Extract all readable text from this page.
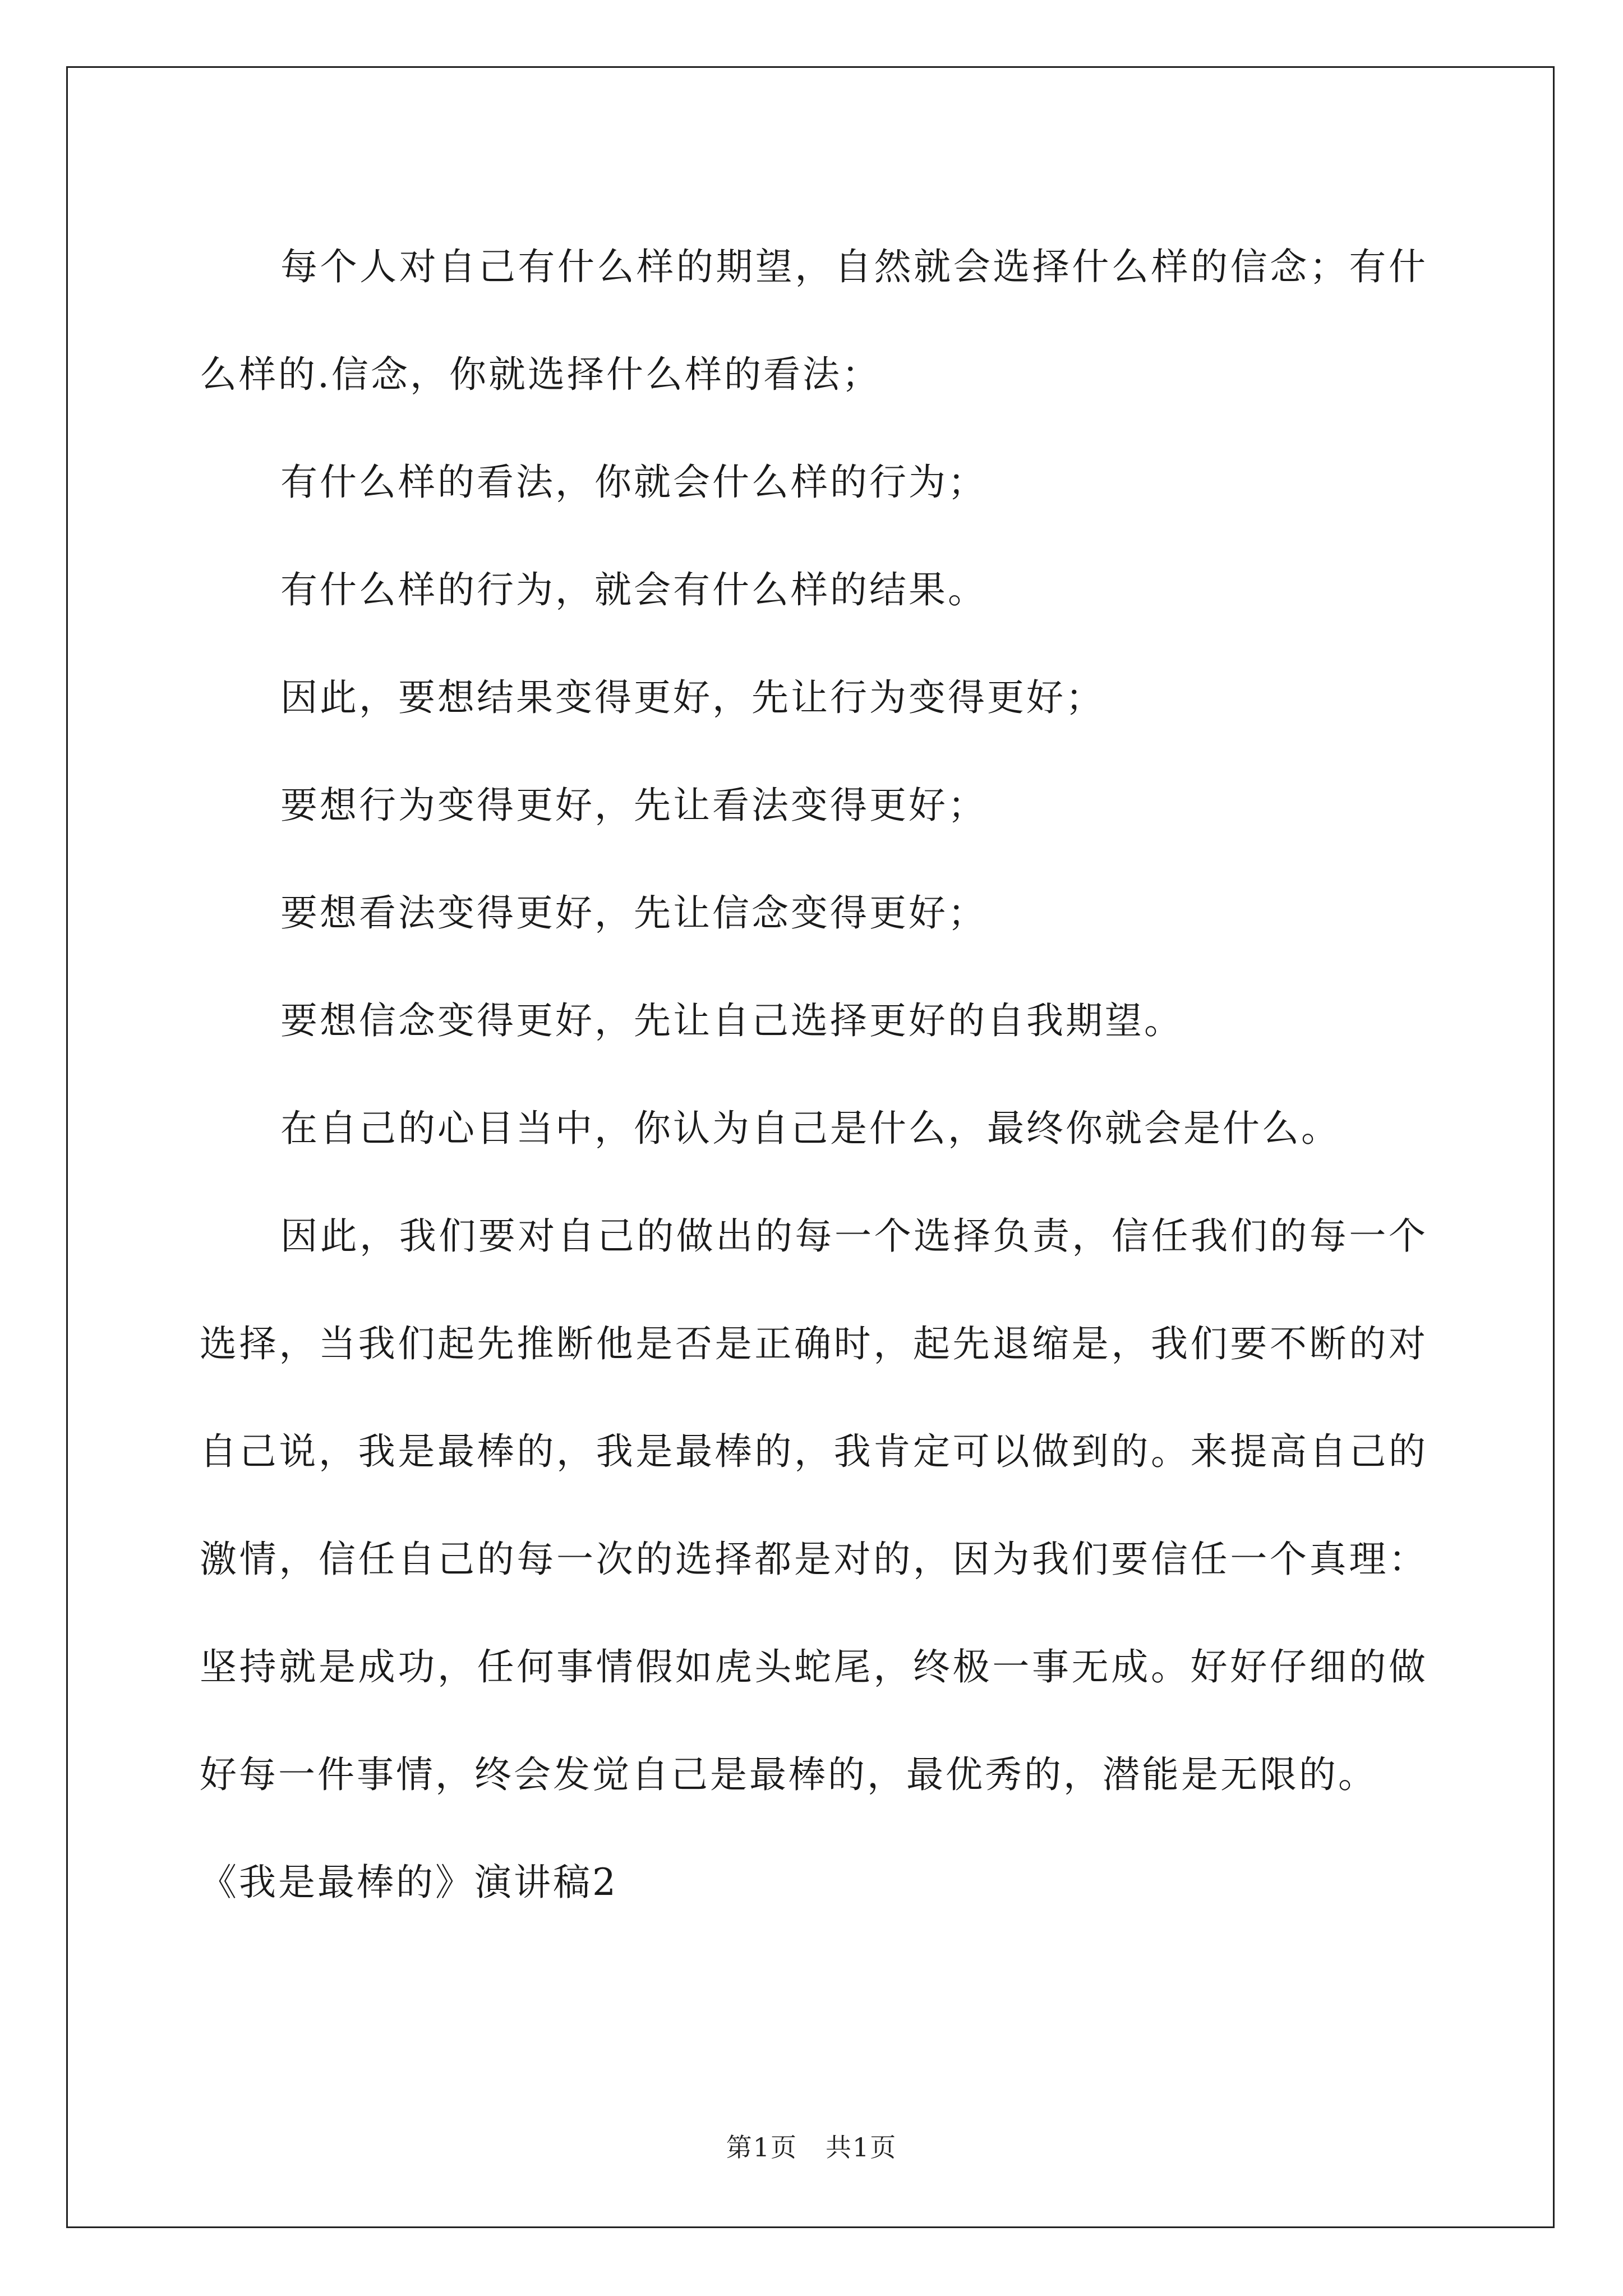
每个人对自己有什么样的期望，自然就会选择什么样的信念；有什么样的.信念，你就选择什么样的看法；

有什么样的看法，你就会什么样的行为；

有什么样的行为，就会有什么样的结果。

因此，要想结果变得更好，先让行为变得更好；

要想行为变得更好，先让看法变得更好；

要想看法变得更好，先让信念变得更好；

要想信念变得更好，先让自己选择更好的自我期望。

在自己的心目当中，你认为自己是什么，最终你就会是什么。

因此，我们要对自己的做出的每一个选择负责，信任我们的每一个选择，当我们起先推断他是否是正确时，起先退缩是，我们要不断的对自己说，我是最棒的，我是最棒的，我肯定可以做到的。来提高自己的激情，信任自己的每一次的选择都是对的，因为我们要信任一个真理：坚持就是成功，任何事情假如虎头蛇尾，终极一事无成。好好仔细的做好每一件事情，终会发觉自己是最棒的，最优秀的，潜能是无限的。

《我是最棒的》演讲稿2

第1页 共1页
